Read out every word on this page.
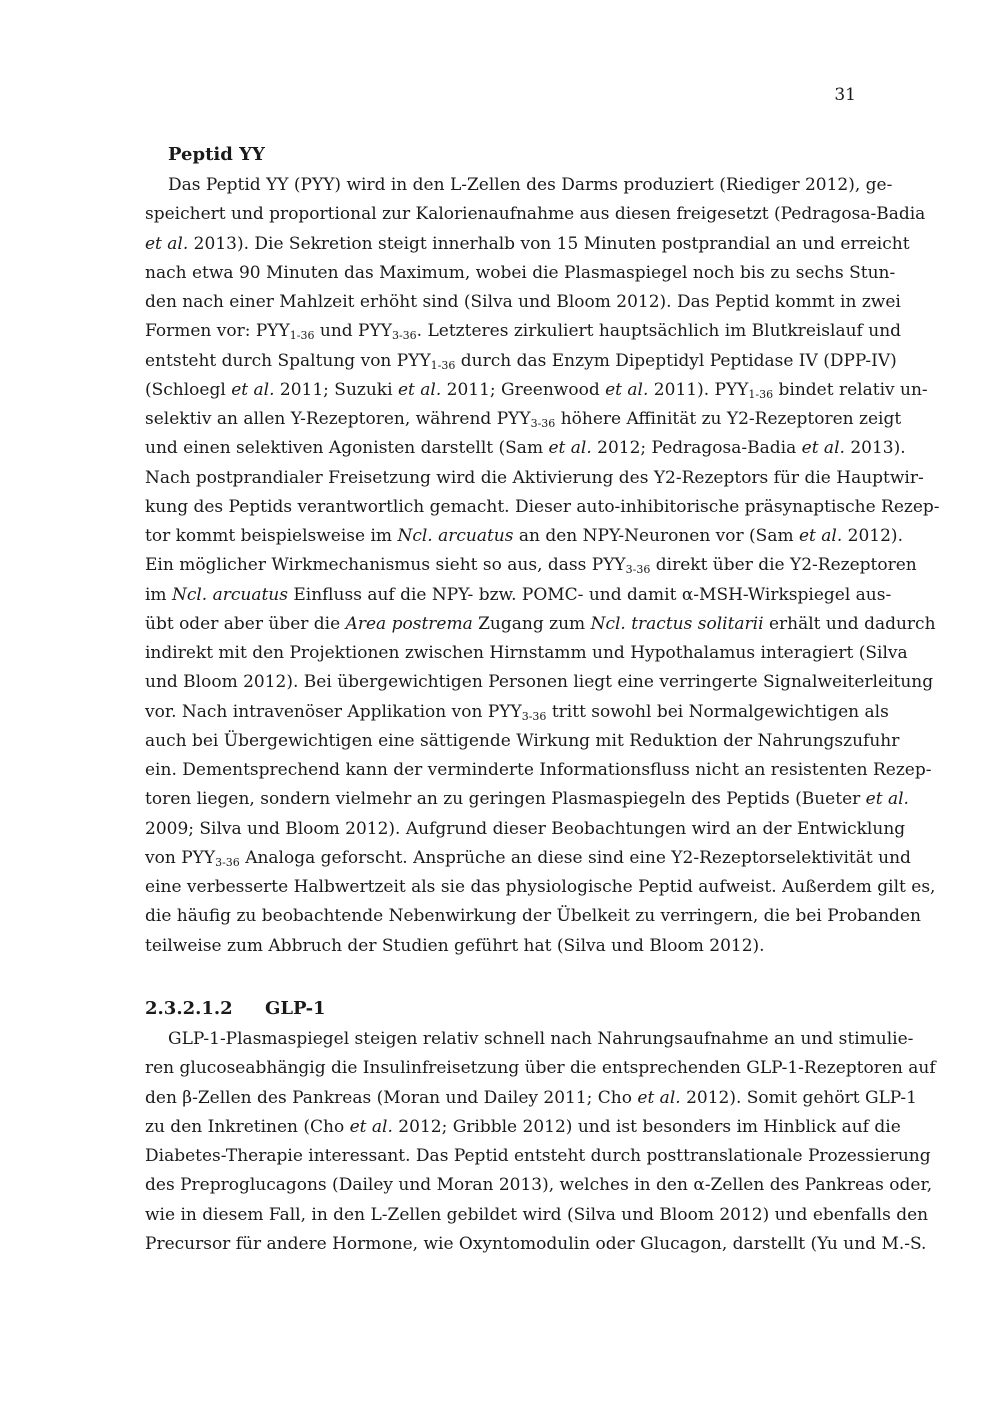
31
Peptid YY
Das Peptid YY (PYY) wird in den L-Zellen des Darms produziert (Riediger 2012), ge-
speichert und proportional zur Kalorienaufnahme aus diesen freigesetzt (Pedragosa-Badia
et al. 2013). Die Sekretion steigt innerhalb von 15 Minuten postprandial an und erreicht
nach etwa 90 Minuten das Maximum, wobei die Plasmaspiegel noch bis zu sechs Stun-
den nach einer Mahlzeit erhöht sind (Silva und Bloom 2012). Das Peptid kommt in zwei
Formen vor: $PYY_{1-36}$ und $PYY_{3-36}$. Letzteres zirkuliert hauptsächlich im Blutkreislauf und
entsteht durch Spaltung von $PYY_{1-36}$ durch das Enzym Dipeptidyl Peptidase IV (DPP-IV)
(Schloegl et al. 2011; Suzuki et al. 2011; Greenwood et al. 2011). $PYY_{1-36}$ bindet relativ un-
selektiv an allen Y-Rezeptoren, während $PYY_{3-36}$ höhere Affinität zu Y2-Rezeptoren zeigt
und einen selektiven Agonisten darstellt (Sam et al. 2012; Pedragosa-Badia et al. 2013).
Nach postprandialer Freisetzung wird die Aktivierung des Y2-Rezeptors für die Hauptwir-
kung des Peptids verantwortlich gemacht. Dieser auto-inhibitorische präsynaptische Rezep-
tor kommt beispielsweise im Ncl. arcuatus an den NPY-Neuronen vor (Sam et al. 2012).
Ein möglicher Wirkmechanismus sieht so aus, dass $PYY_{3-36}$ direkt über die Y2-Rezeptoren
im Ncl. arcuatus Einfluss auf die NPY- bzw. POMC- und damit α-MSH-Wirkspiegel aus-
übt oder aber über die Area postrema Zugang zum Ncl. tractus solitarii erhält und dadurch
indirekt mit den Projektionen zwischen Hirnstamm und Hypothalamus interagiert (Silva
und Bloom 2012). Bei übergewichtigen Personen liegt eine verringerte Signalweiterleitung
vor. Nach intravenöser Applikation von $PYY_{3-36}$ tritt sowohl bei Normalgewichtigen als
auch bei Übergewichtigen eine sättigende Wirkung mit Reduktion der Nahrungszufuhr
ein. Dementsprechend kann der verminderte Informationsfluss nicht an resistenten Rezep-
toren liegen, sondern vielmehr an zu geringen Plasmaspiegeln des Peptids (Bueter et al.
2009; Silva und Bloom 2012). Aufgrund dieser Beobachtungen wird an der Entwicklung
von $PYY_{3-36}$ Analoga geforscht. Ansprüche an diese sind eine Y2-Rezeptorselektivität und
eine verbesserte Halbwertzeit als sie das physiologische Peptid aufweist. Außerdem gilt es,
die häufig zu beobachtende Nebenwirkung der Übelkeit zu verringern, die bei Probanden
teilweise zum Abbruch der Studien geführt hat (Silva und Bloom 2012).
2.3.2.1.2 GLP-1
GLP-1-Plasmaspiegel steigen relativ schnell nach Nahrungsaufnahme an und stimulie-
ren glucoseabhängig die Insulinfreisetzung über die entsprechenden GLP-1-Rezeptoren auf
den β-Zellen des Pankreas (Moran und Dailey 2011; Cho et al. 2012). Somit gehört GLP-1
zu den Inkretinen (Cho et al. 2012; Gribble 2012) und ist besonders im Hinblick auf die
Diabetes-Therapie interessant. Das Peptid entsteht durch posttranslationale Prozessierung
des Preproglucagons (Dailey und Moran 2013), welches in den α-Zellen des Pankreas oder,
wie in diesem Fall, in den L-Zellen gebildet wird (Silva und Bloom 2012) und ebenfalls den
Precursor für andere Hormone, wie Oxyntomodulin oder Glucagon, darstellt (Yu und M.-S.
